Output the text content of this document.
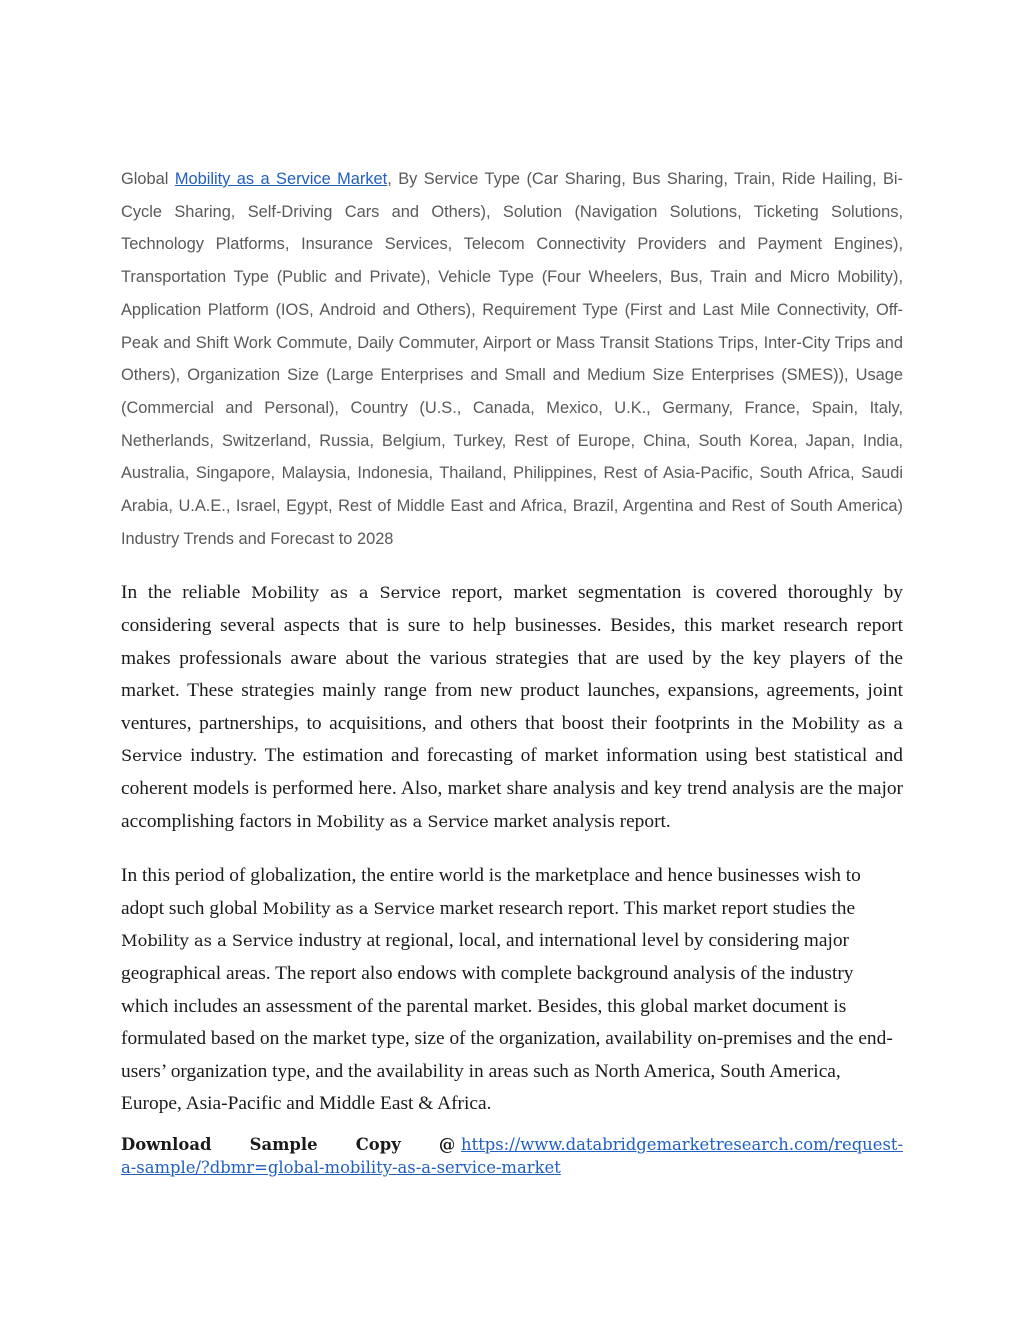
Global Mobility as a Service Market, By Service Type (Car Sharing, Bus Sharing, Train, Ride Hailing, Bi-Cycle Sharing, Self-Driving Cars and Others), Solution (Navigation Solutions, Ticketing Solutions, Technology Platforms, Insurance Services, Telecom Connectivity Providers and Payment Engines), Transportation Type (Public and Private), Vehicle Type (Four Wheelers, Bus, Train and Micro Mobility), Application Platform (IOS, Android and Others), Requirement Type (First and Last Mile Connectivity, Off-Peak and Shift Work Commute, Daily Commuter, Airport or Mass Transit Stations Trips, Inter-City Trips and Others), Organization Size (Large Enterprises and Small and Medium Size Enterprises (SMES)), Usage (Commercial and Personal), Country (U.S., Canada, Mexico, U.K., Germany, France, Spain, Italy, Netherlands, Switzerland, Russia, Belgium, Turkey, Rest of Europe, China, South Korea, Japan, India, Australia, Singapore, Malaysia, Indonesia, Thailand, Philippines, Rest of Asia-Pacific, South Africa, Saudi Arabia, U.A.E., Israel, Egypt, Rest of Middle East and Africa, Brazil, Argentina and Rest of South America) Industry Trends and Forecast to 2028

In the reliable Mobility as a Service report, market segmentation is covered thoroughly by considering several aspects that is sure to help businesses. Besides, this market research report makes professionals aware about the various strategies that are used by the key players of the market. These strategies mainly range from new product launches, expansions, agreements, joint ventures, partnerships, to acquisitions, and others that boost their footprints in the Mobility as a Service industry. The estimation and forecasting of market information using best statistical and coherent models is performed here. Also, market share analysis and key trend analysis are the major accomplishing factors in Mobility as a Service market analysis report.

In this period of globalization, the entire world is the marketplace and hence businesses wish to adopt such global Mobility as a Service market research report. This market report studies the Mobility as a Service industry at regional, local, and international level by considering major geographical areas. The report also endows with complete background analysis of the industry which includes an assessment of the parental market. Besides, this global market document is formulated based on the market type, size of the organization, availability on-premises and the end-users’ organization type, and the availability in areas such as North America, South America, Europe, Asia-Pacific and Middle East & Africa.

Download Sample Copy @ https://www.databridgemarketresearch.com/request-a-sample/?dbmr=global-mobility-as-a-service-market
